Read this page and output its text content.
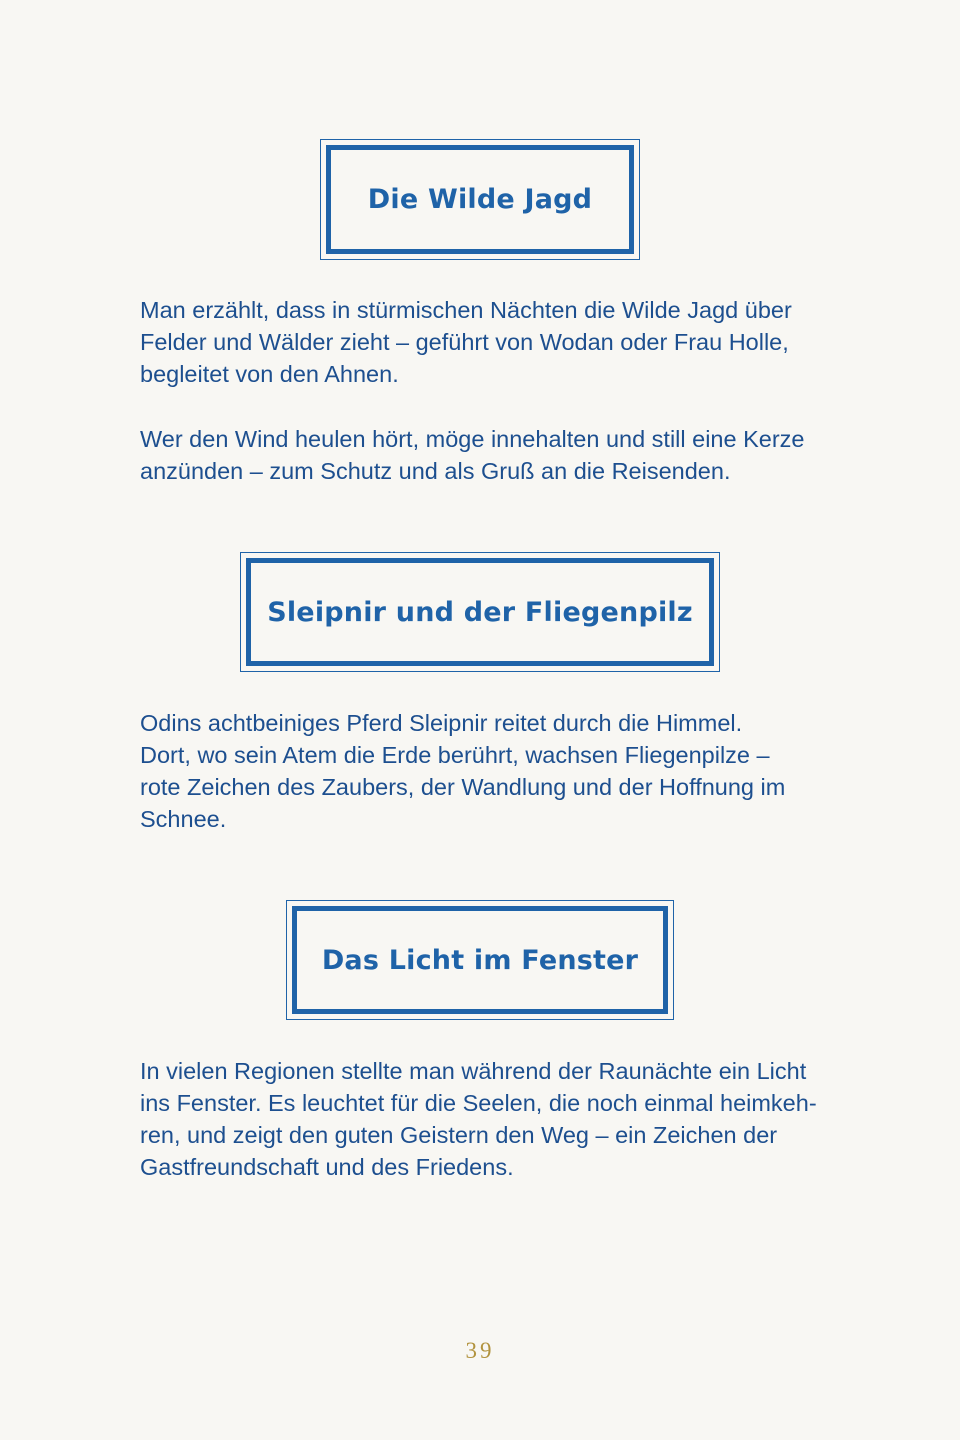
Die Wilde Jagd

Man erzählt, dass in stürmischen Nächten die Wilde Jagd über
Felder und Wälder zieht – geführt von Wodan oder Frau Holle,
begleitet von den Ahnen.

Wer den Wind heulen hört, möge innehalten und still eine Kerze
anzünden – zum Schutz und als Gruß an die Reisenden.

Sleipnir und der Fliegenpilz

Odins achtbeiniges Pferd Sleipnir reitet durch die Himmel.
Dort, wo sein Atem die Erde berührt, wachsen Fliegenpilze –
rote Zeichen des Zaubers, der Wandlung und der Hoffnung im
Schnee.

Das Licht im Fenster

In vielen Regionen stellte man während der Raunächte ein Licht
ins Fenster. Es leuchtet für die Seelen, die noch einmal heimkeh-
ren, und zeigt den guten Geistern den Weg – ein Zeichen der
Gastfreundschaft und des Friedens.

39
